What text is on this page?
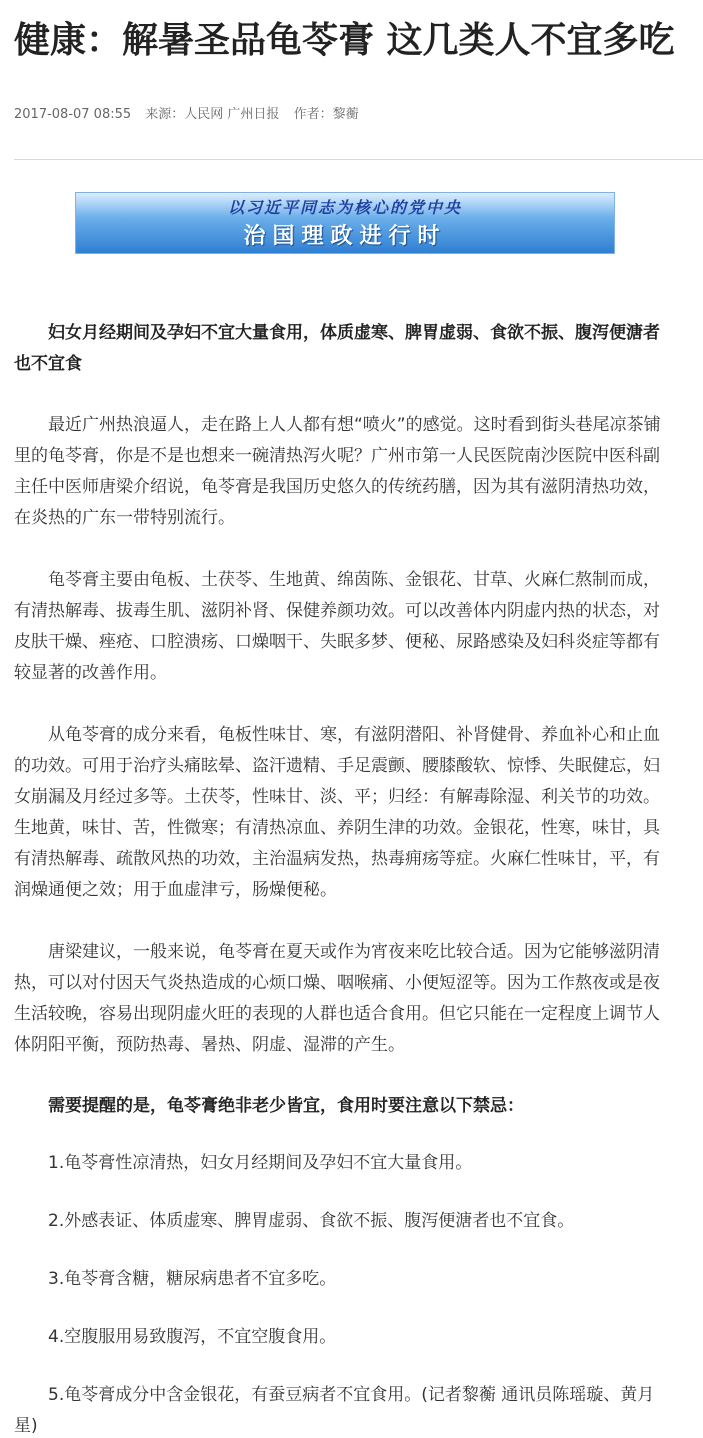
健康：解暑圣品龟苓膏 这几类人不宜多吃
2017-08-07 08:55 来源：人民网 广州日报 作者：黎蘅
以习近平同志为核心的党中央
治国理政进行时

妇女月经期间及孕妇不宜大量食用，体质虚寒、脾胃虚弱、食欲不振、腹泻便溏者也不宜食

最近广州热浪逼人，走在路上人人都有想“喷火”的感觉。这时看到街头巷尾凉茶铺里的龟苓膏，你是不是也想来一碗清热泻火呢？广州市第一人民医院南沙医院中医科副主任中医师唐梁介绍说，龟苓膏是我国历史悠久的传统药膳，因为其有滋阴清热功效，在炎热的广东一带特别流行。

龟苓膏主要由龟板、土茯苓、生地黄、绵茵陈、金银花、甘草、火麻仁熬制而成，有清热解毒、拔毒生肌、滋阴补肾、保健养颜功效。可以改善体内阴虚内热的状态，对皮肤干燥、痤疮、口腔溃疡、口燥咽干、失眠多梦、便秘、尿路感染及妇科炎症等都有较显著的改善作用。

从龟苓膏的成分来看，龟板性味甘、寒，有滋阴潜阳、补肾健骨、养血补心和止血的功效。可用于治疗头痛眩晕、盗汗遗精、手足震颤、腰膝酸软、惊悸、失眠健忘，妇女崩漏及月经过多等。土茯苓，性味甘、淡、平；归经：有解毒除湿、利关节的功效。生地黄，味甘、苦，性微寒；有清热凉血、养阴生津的功效。金银花，性寒，味甘，具有清热解毒、疏散风热的功效，主治温病发热，热毒痈疡等症。火麻仁性味甘，平，有润燥通便之效；用于血虚津亏，肠燥便秘。

唐梁建议，一般来说，龟苓膏在夏天或作为宵夜来吃比较合适。因为它能够滋阴清热，可以对付因天气炎热造成的心烦口燥、咽喉痛、小便短涩等。因为工作熬夜或是夜生活较晚，容易出现阴虚火旺的表现的人群也适合食用。但它只能在一定程度上调节人体阴阳平衡，预防热毒、暑热、阴虚、湿滞的产生。

需要提醒的是，龟苓膏绝非老少皆宜，食用时要注意以下禁忌：

1.龟苓膏性凉清热，妇女月经期间及孕妇不宜大量食用。

2.外感表证、体质虚寒、脾胃虚弱、食欲不振、腹泻便溏者也不宜食。

3.龟苓膏含糖，糖尿病患者不宜多吃。

4.空腹服用易致腹泻，不宜空腹食用。

5.龟苓膏成分中含金银花，有蚕豆病者不宜食用。(记者黎蘅 通讯员陈瑶璇、黄月星)
